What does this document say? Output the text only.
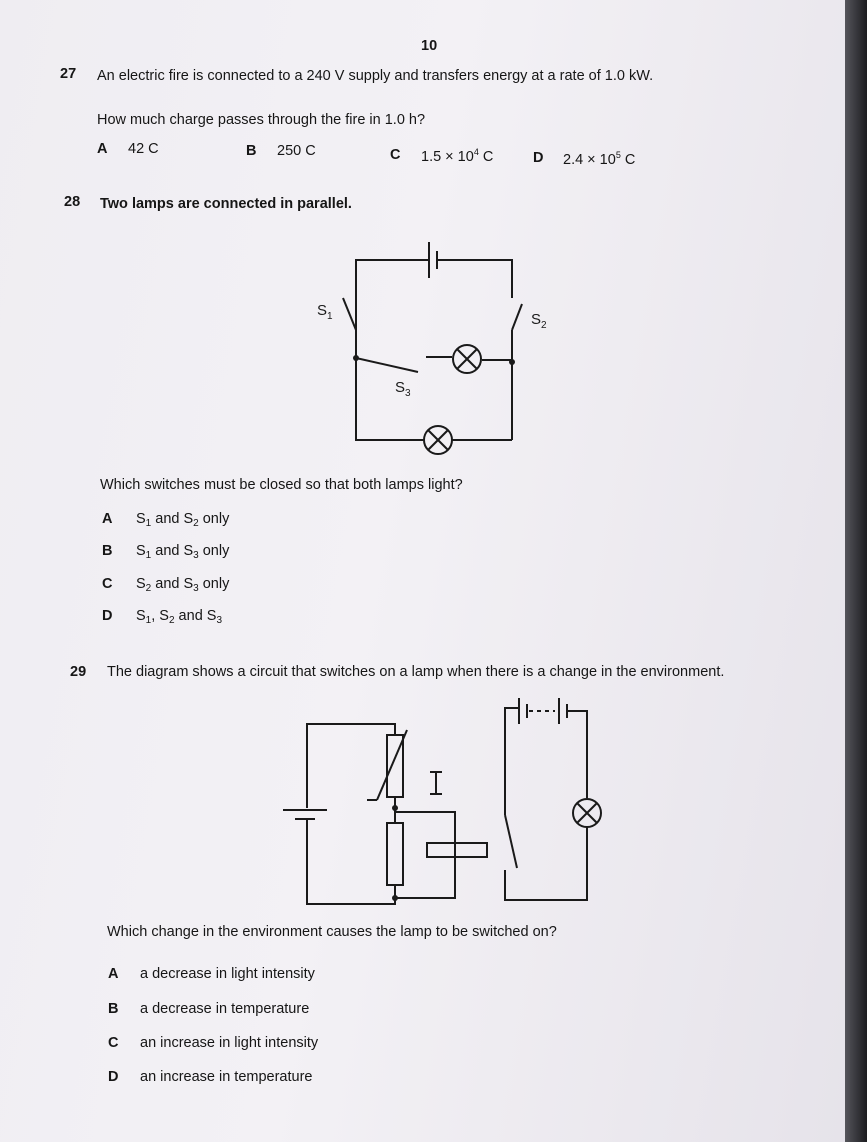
10
27 An electric fire is connected to a 240 V supply and transfers energy at a rate of 1.0 kW.
How much charge passes through the fire in 1.0 h?
A 42 C	B 250 C	C $1.5 \times 10^4$ C	D $2.4 \times 10^5$ C
28 Two lamps are connected in parallel.
$S_1$	$S_2$
$S_3$
Which switches must be closed so that both lamps light?
A $S_1$ and $S_2$ only
B $S_1$ and $S_3$ only
C $S_2$ and $S_3$ only
D $S_1$, $S_2$ and $S_3$
29 The diagram shows a circuit that switches on a lamp when there is a change in the environment.
Which change in the environment causes the lamp to be switched on?
A a decrease in light intensity
B a decrease in temperature
C an increase in light intensity
D an increase in temperature
